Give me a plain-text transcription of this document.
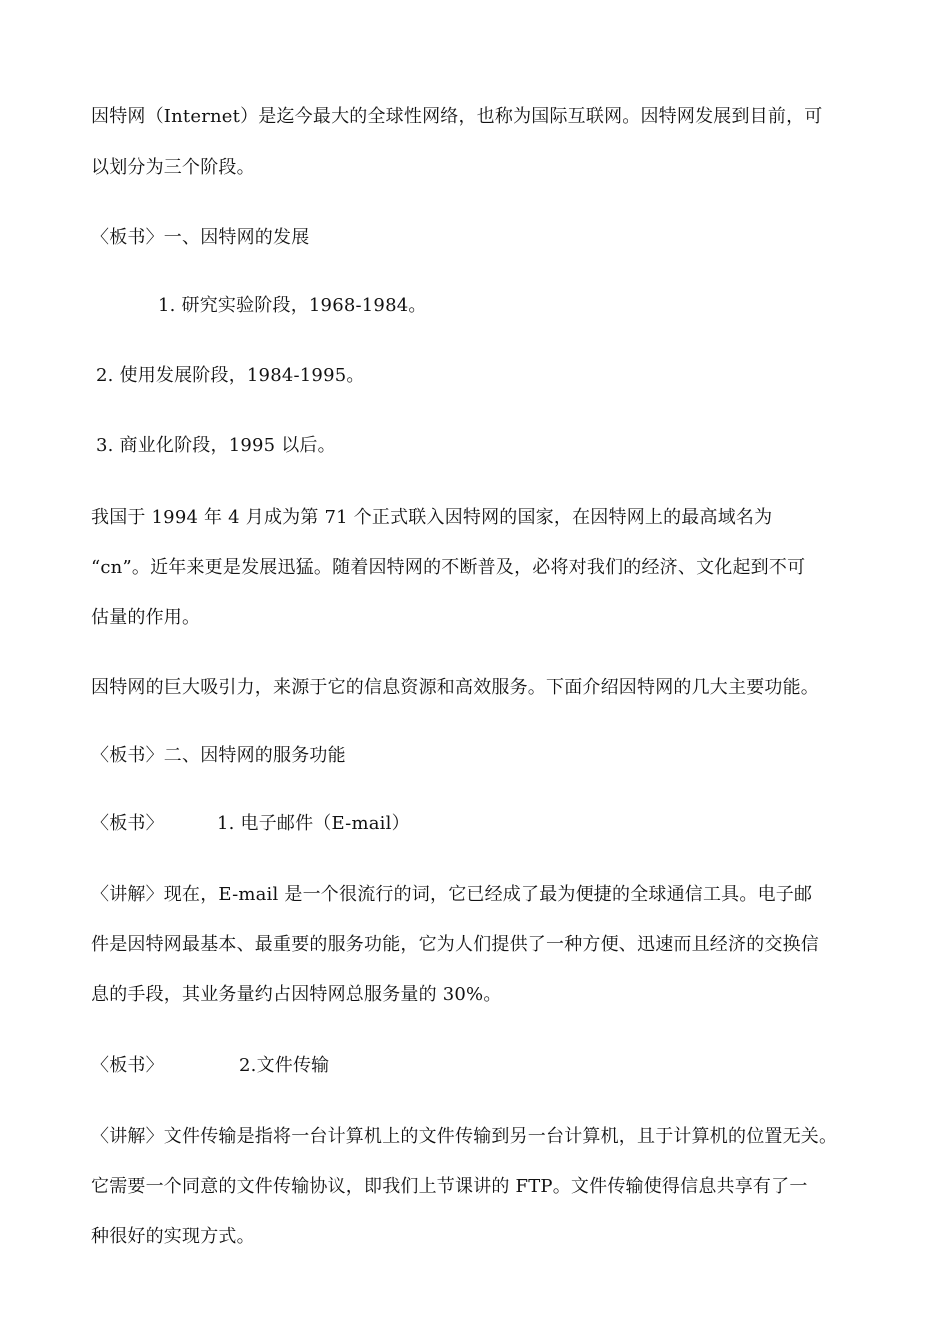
因特网（Internet）是迄今最大的全球性网络，也称为国际互联网。因特网发展到目前，可
以划分为三个阶段。
〈板书〉一、因特网的发展
1. 研究实验阶段，1968-1984。
2. 使用发展阶段，1984-1995。
3. 商业化阶段，1995 以后。
我国于 1994 年 4 月成为第 71 个正式联入因特网的国家，在因特网上的最高域名为
“cn”。近年来更是发展迅猛。随着因特网的不断普及，必将对我们的经济、文化起到不可
估量的作用。
因特网的巨大吸引力，来源于它的信息资源和高效服务。下面介绍因特网的几大主要功能。
〈板书〉二、因特网的服务功能
〈板书〉	1. 电子邮件（E-mail）
〈讲解〉现在，E-mail 是一个很流行的词，它已经成了最为便捷的全球通信工具。电子邮
件是因特网最基本、最重要的服务功能，它为人们提供了一种方便、迅速而且经济的交换信
息的手段，其业务量约占因特网总服务量的 30%。
〈板书〉	2.文件传输
〈讲解〉文件传输是指将一台计算机上的文件传输到另一台计算机，且于计算机的位置无关。
它需要一个同意的文件传输协议，即我们上节课讲的 FTP。文件传输使得信息共享有了一
种很好的实现方式。
